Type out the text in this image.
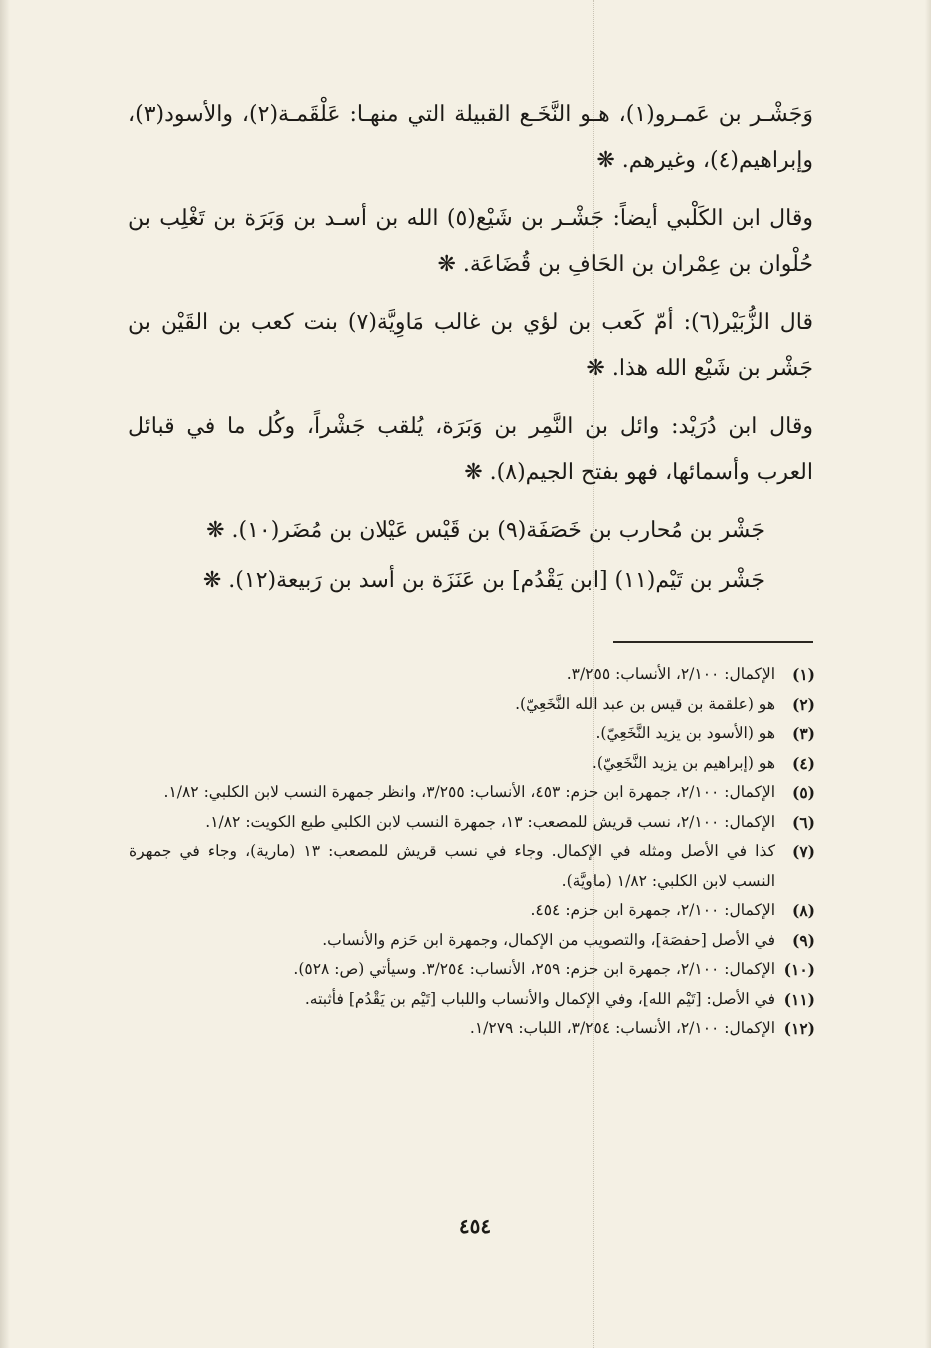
وَجَشْـر بن عَمـرو(١)، هـو النَّخَـع القبيلة التي منهـا: عَلْقَمـة(٢)، والأسود(٣)، وإبراهيم(٤)، وغيرهم. ❋

وقال ابن الكَلْبي أيضاً: جَشْـر بن شَيْع(٥) الله بن أسـد بن وَبَرَة بن تَغْلِب بن حُلْوان بن عِمْران بن الحَافِ بن قُضَاعَة. ❋

قال الزُّبَيْر(٦): أمّ كَعب بن لؤي بن غالب مَاوِيَّة(٧) بنت كعب بن القَيْن بن جَشْر بن شَيْع الله هذا. ❋

وقال ابن دُرَيْد: وائل بن النَّمِر بن وَبَرَة، يُلقب جَشْراً، وكُل ما في قبائل العرب وأسمائها، فهو بفتح الجيم(٨). ❋

جَشْر بن مُحارب بن خَصَفَة(٩) بن قَيْس عَيْلان بن مُضَر(١٠). ❋

جَشْر بن تَيْم(١١) [ابن يَقْدُم] بن عَنَزَة بن أسد بن رَبيعة(١٢). ❋

(١)
الإكمال: ٢/١٠٠، الأنساب: ٣/٢٥٥.
(٢)
هو (علقمة بن قيس بن عبد الله النَّخَعِيّ).
(٣)
هو (الأسود بن يزيد النَّخَعِيّ).
(٤)
هو (إبراهيم بن يزيد النَّخَعِيّ).
(٥)
الإكمال: ٢/١٠٠، جمهرة ابن حزم: ٤٥٣، الأنساب: ٣/٢٥٥، وانظر جمهرة النسب لابن الكلبي: ١/٨٢.
(٦)
الإكمال: ٢/١٠٠، نسب قريش للمصعب: ١٣، جمهرة النسب لابن الكلبي طبع الكويت: ١/٨٢.
(٧)
كذا في الأصل ومثله في الإكمال. وجاء في نسب قريش للمصعب: ١٣ (مارية)، وجاء في جمهرة النسب لابن الكلبي: ١/٨٢ (ماويَّة).
(٨)
الإكمال: ٢/١٠٠، جمهرة ابن حزم: ٤٥٤.
(٩)
في الأصل [حفصَة]، والتصويب من الإكمال، وجمهرة ابن حَزم والأنساب.
(١٠)
الإكمال: ٢/١٠٠، جمهرة ابن حزم: ٢٥٩، الأنساب: ٣/٢٥٤. وسيأتي (ص: ٥٢٨).
(١١)
في الأصل: [تَيْم الله]، وفي الإكمال والأنساب واللباب [تَيْم بن يَقْدُم] فأثبته.
(١٢)
الإكمال: ٢/١٠٠، الأنساب: ٣/٢٥٤، اللباب: ١/٢٧٩.
٤٥٤
